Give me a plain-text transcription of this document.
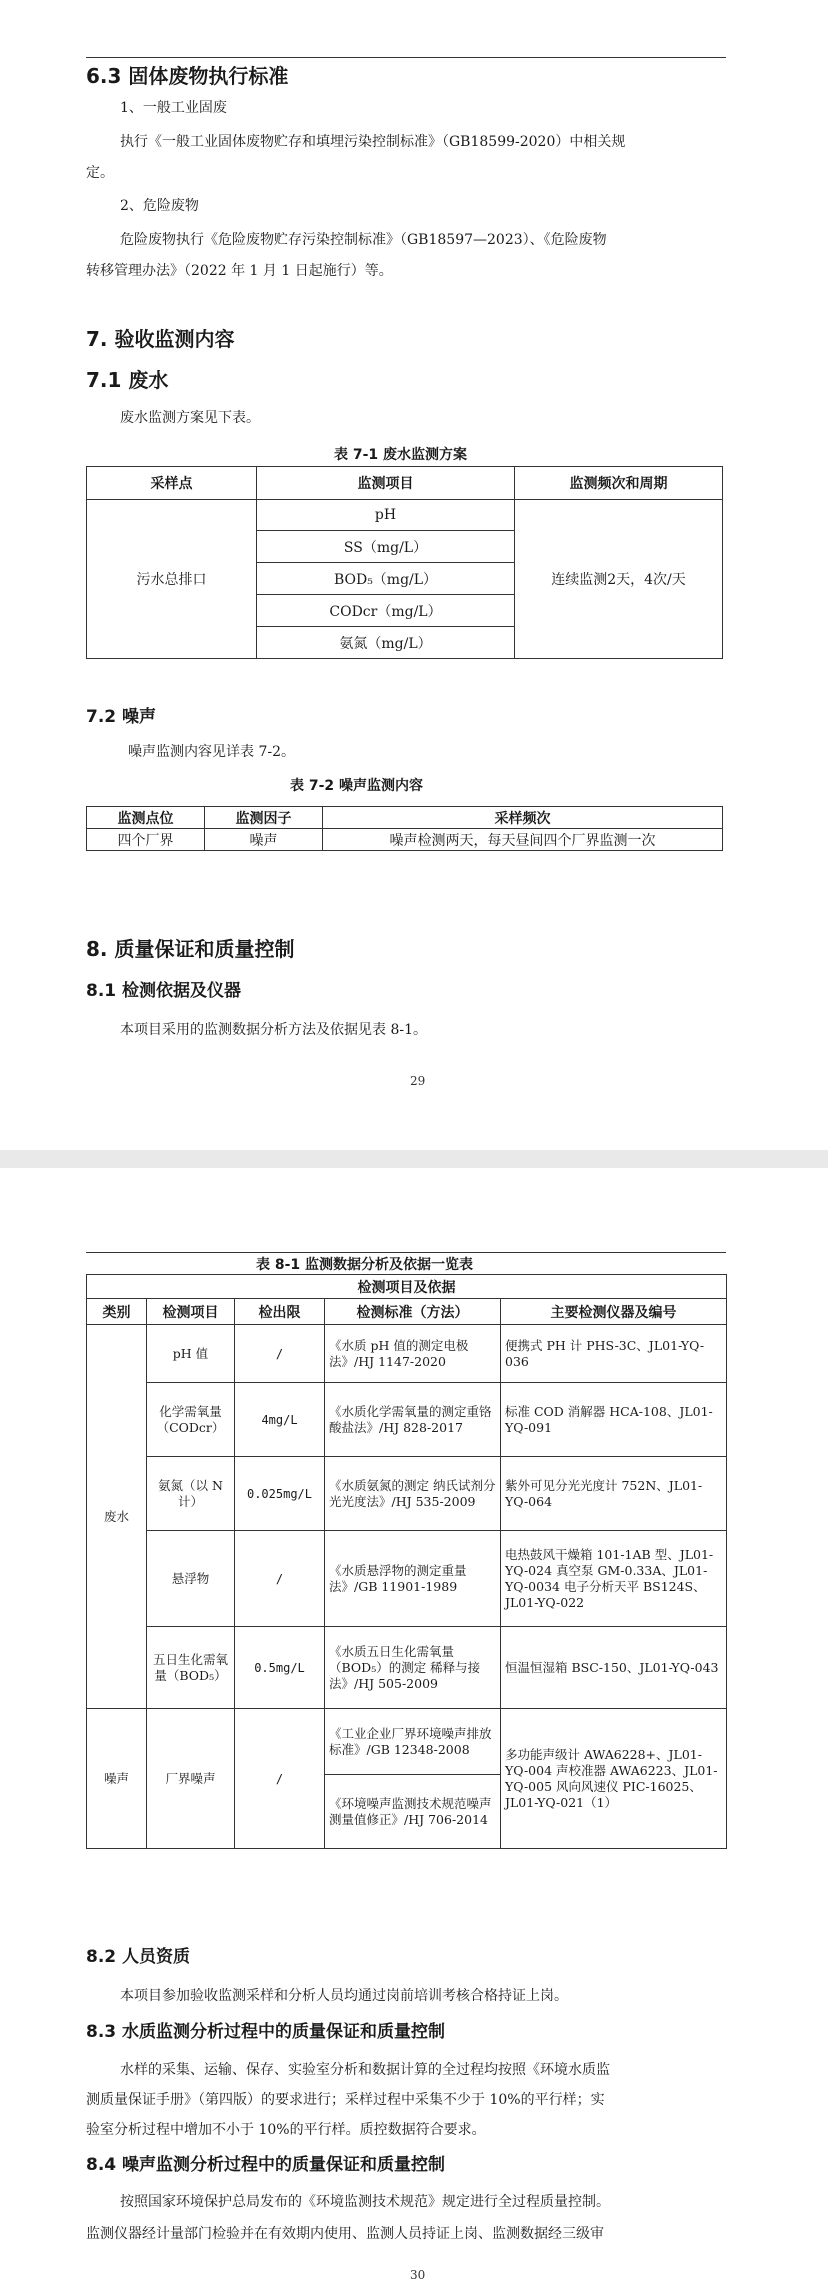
6.3 固体废物执行标准
1、一般工业固废
执行《一般工业固体废物贮存和填埋污染控制标准》（GB18599-2020）中相关规
定。
2、危险废物
危险废物执行《危险废物贮存污染控制标准》（GB18597—2023）、《危险废物
转移管理办法》（2022 年 1 月 1 日起施行）等。
7. 验收监测内容
7.1 废水
废水监测方案见下表。
表 7-1 废水监测方案
采样点	监测项目	监测频次和周期
污水总排口	pH	连续监测2天，4次/天
	SS（mg/L）	
	BOD₅（mg/L）	
	CODcr（mg/L）	
	氨氮（mg/L）	
7.2 噪声
噪声监测内容见详表 7-2。
表 7-2 噪声监测内容
监测点位	监测因子	采样频次
四个厂界	噪声	噪声检测两天，每天昼间四个厂界监测一次
8. 质量保证和质量控制
8.1 检测依据及仪器
本项目采用的监测数据分析方法及依据见表 8-1。
29
表 8-1 监测数据分析及依据一览表
检测项目及依据				
类别	检测项目	检出限	检测标准（方法）	主要检测仪器及编号
废水	pH 值	/	《水质 pH 值的测定电极法》/HJ 1147-2020	便携式 PH 计 PHS-3C、JL01-YQ-036
	化学需氧量（CODcr）	4mg/L	《水质化学需氧量的测定重铬酸盐法》/HJ 828-2017	标准 COD 消解器 HCA-108、JL01-YQ-091
	氨氮（以 N 计）	0.025mg/L	《水质氨氮的测定 纳氏试剂分光光度法》/HJ 535-2009	紫外可见分光光度计 752N、JL01-YQ-064
	悬浮物	/	《水质悬浮物的测定重量法》/GB 11901-1989	电热鼓风干燥箱 101-1AB 型、JL01-YQ-024 真空泵 GM-0.33A、JL01-YQ-0034 电子分析天平 BS124S、JL01-YQ-022
	五日生化需氧量（BOD₅）	0.5mg/L	《水质五日生化需氧量（BOD₅）的测定 稀释与接法》/HJ 505-2009	恒温恒湿箱 BSC-150、JL01-YQ-043
噪声	厂界噪声	/	《工业企业厂界环境噪声排放标准》/GB 12348-2008	多功能声级计 AWA6228+、JL01-YQ-004 声校准器 AWA6223、JL01-YQ-005 风向风速仪 PIC-16025、JL01-YQ-021（1）
			《环境噪声监测技术规范噪声测量值修正》/HJ 706-2014	
8.2 人员资质
本项目参加验收监测采样和分析人员均通过岗前培训考核合格持证上岗。
8.3 水质监测分析过程中的质量保证和质量控制
水样的采集、运输、保存、实验室分析和数据计算的全过程均按照《环境水质监
测质量保证手册》（第四版）的要求进行；采样过程中采集不少于 10%的平行样；实
验室分析过程中增加不小于 10%的平行样。质控数据符合要求。
8.4 噪声监测分析过程中的质量保证和质量控制
按照国家环境保护总局发布的《环境监测技术规范》规定进行全过程质量控制。
监测仪器经计量部门检验并在有效期内使用、监测人员持证上岗、监测数据经三级审
30
